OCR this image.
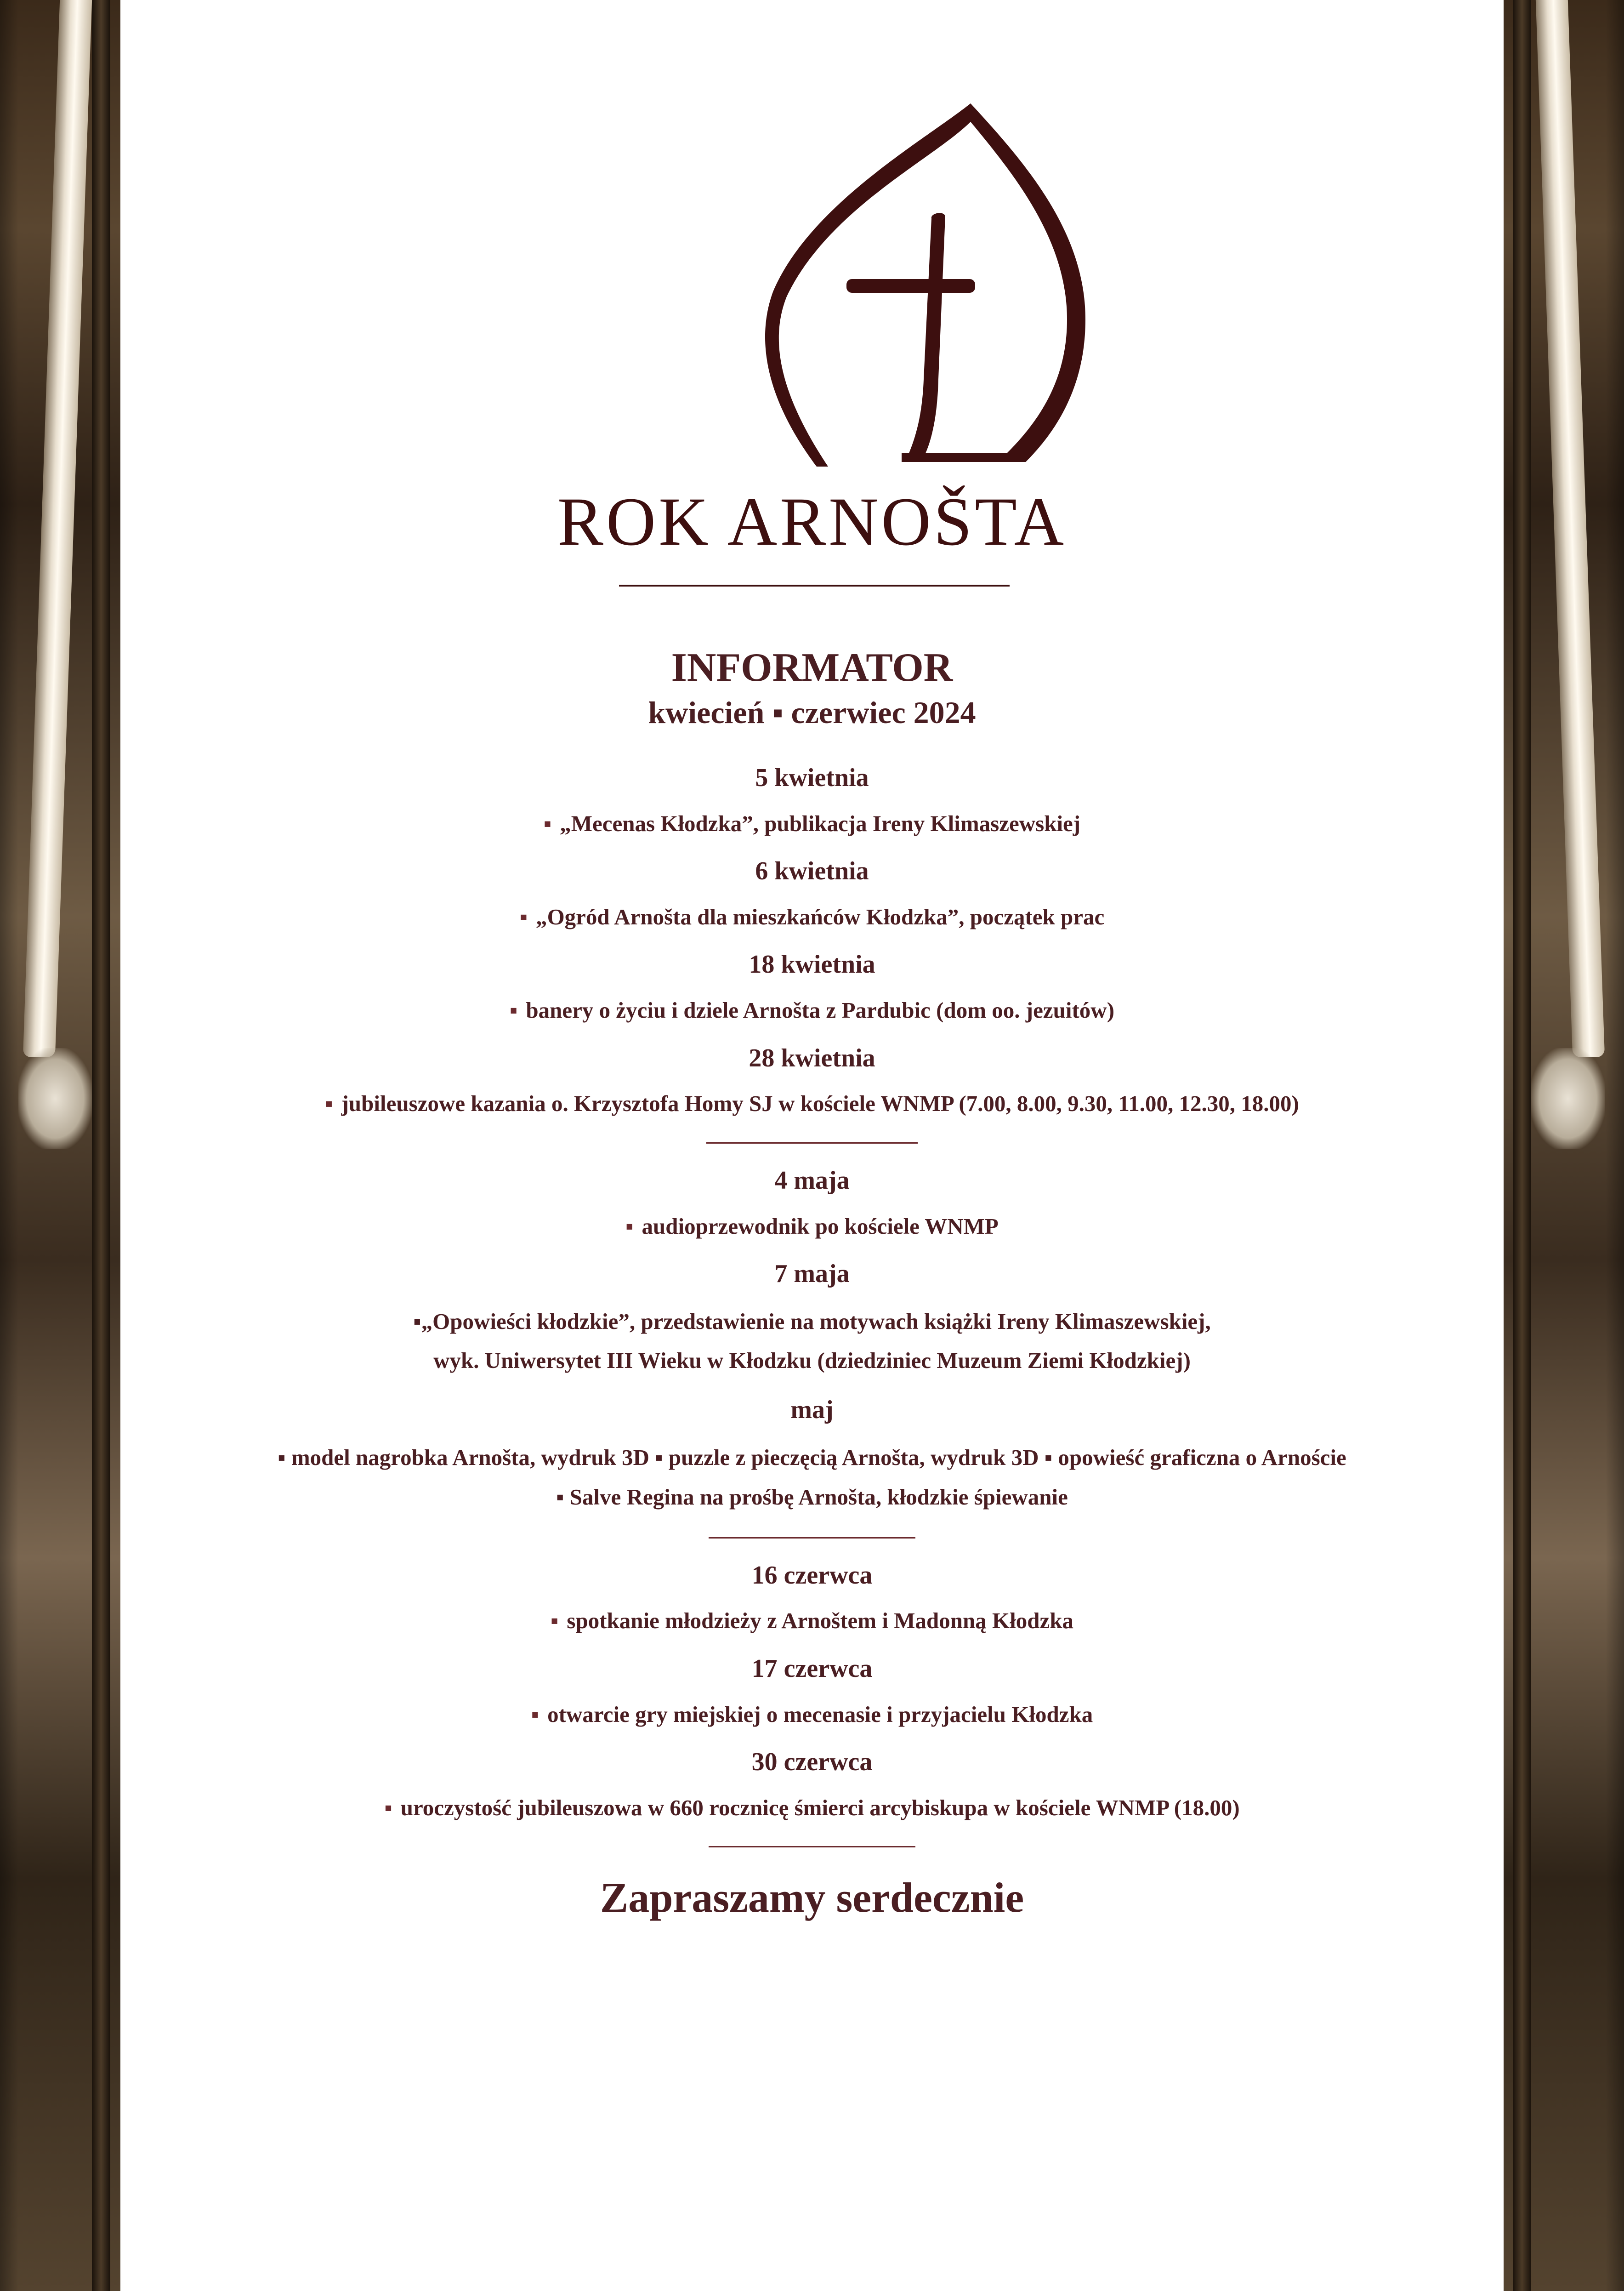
ROK ARNOŠTA
INFORMATOR
kwiecień ▪ czerwiec 2024
5 kwietnia
▪ „Mecenas Kłodzka”, publikacja Ireny Klimaszewskiej
6 kwietnia
▪ „Ogród Arnošta dla mieszkańców Kłodzka”, początek prac
18 kwietnia
▪ banery o życiu i dziele Arnošta z Pardubic (dom oo. jezuitów)
28 kwietnia
▪ jubileuszowe kazania o. Krzysztofa Homy SJ w kościele WNMP (7.00, 8.00, 9.30, 11.00, 12.30, 18.00)
4 maja
▪ audioprzewodnik po kościele WNMP
7 maja
▪„Opowieści kłodzkie”, przedstawienie na motywach książki Ireny Klimaszewskiej,
wyk. Uniwersytet III Wieku w Kłodzku (dziedziniec Muzeum Ziemi Kłodzkiej)
maj
▪ model nagrobka Arnošta, wydruk 3D ▪ puzzle z pieczęcią Arnošta, wydruk 3D ▪ opowieść graficzna o Arnoście
▪ Salve Regina na prośbę Arnošta, kłodzkie śpiewanie
16 czerwca
▪ spotkanie młodzieży z Arnoštem i Madonną Kłodzka
17 czerwca
▪ otwarcie gry miejskiej o mecenasie i przyjacielu Kłodzka
30 czerwca
▪ uroczystość jubileuszowa w 660 rocznicę śmierci arcybiskupa w kościele WNMP (18.00)
Zapraszamy serdecznie
